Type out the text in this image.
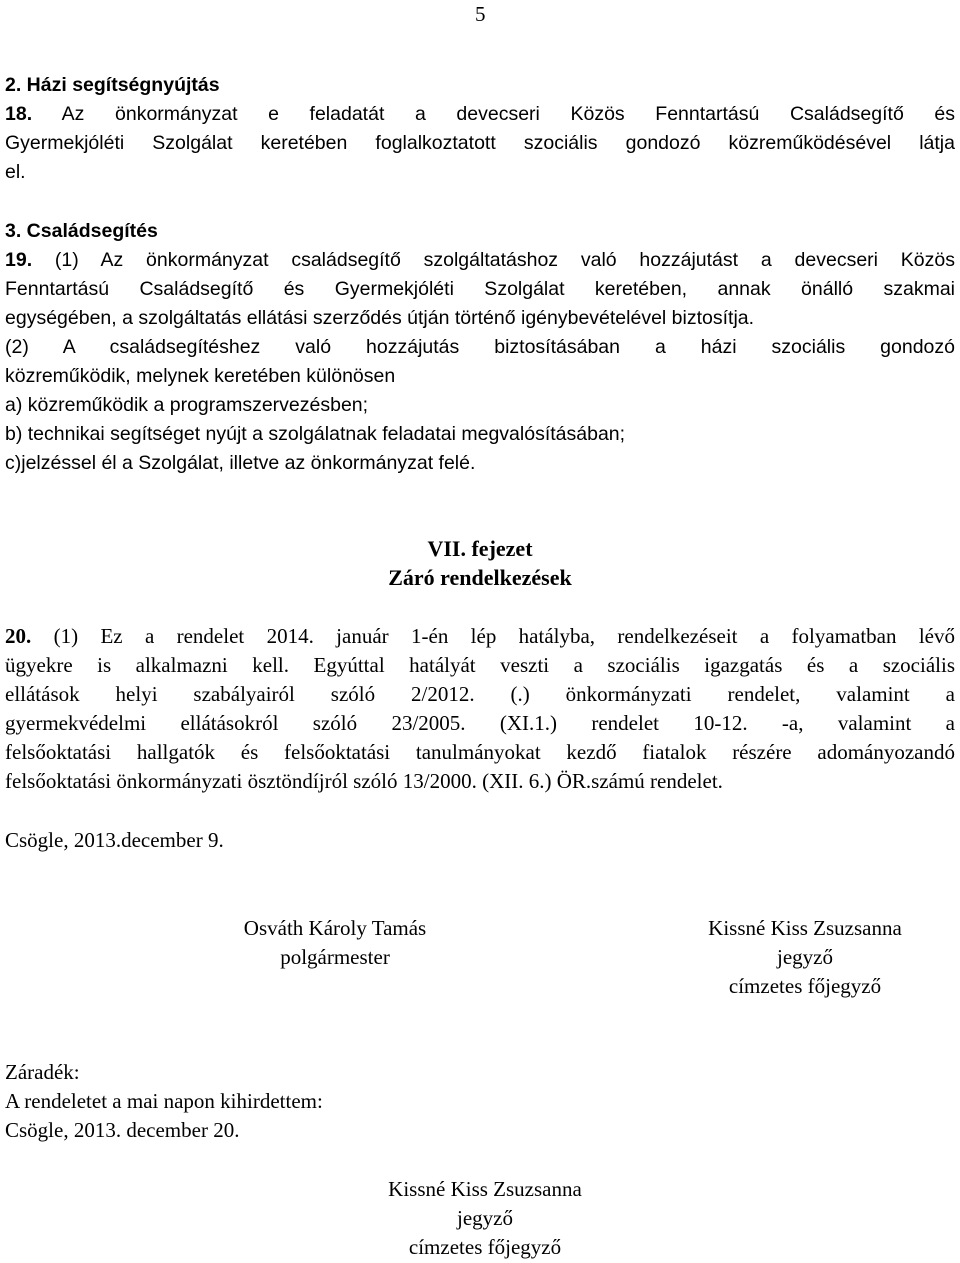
5
2. Házi segítségnyújtás
18. Az önkormányzat e feladatát a devecseri Közös Fenntartású Családsegítő és
Gyermekjóléti Szolgálat keretében foglalkoztatott szociális gondozó közreműködésével látja
el.
3. Családsegítés
19. (1) Az önkormányzat családsegítő szolgáltatáshoz való hozzájutást a devecseri Közös
Fenntartású Családsegítő és Gyermekjóléti Szolgálat keretében, annak önálló szakmai
egységében, a szolgáltatás ellátási szerződés útján történő igénybevételével biztosítja.
(2) A családsegítéshez való hozzájutás biztosításában a házi szociális gondozó
közreműködik, melynek keretében különösen
a) közreműködik a programszervezésben;
b) technikai segítséget nyújt a szolgálatnak feladatai megvalósításában;
c)jelzéssel él a Szolgálat, illetve az önkormányzat felé.
VII. fejezet
Záró rendelkezések
20. (1) Ez a rendelet 2014. január 1-én lép hatályba, rendelkezéseit a folyamatban lévő
ügyekre is alkalmazni kell. Egyúttal hatályát veszti a szociális igazgatás és a szociális
ellátások helyi szabályairól szóló 2/2012. (.) önkormányzati rendelet, valamint a
gyermekvédelmi ellátásokról szóló 23/2005. (XI.1.) rendelet 10-12. -a, valamint a
felsőoktatási hallgatók és felsőoktatási tanulmányokat kezdő fiatalok részére adományozandó
felsőoktatási önkormányzati ösztöndíjról szóló 13/2000. (XII. 6.) ÖR.számú rendelet.
Csögle, 2013.december 9.
Osváth Károly Tamás
polgármester
Kissné Kiss Zsuzsanna
jegyző
címzetes főjegyző
Záradék:
A rendeletet a mai napon kihirdettem:
Csögle, 2013. december 20.
Kissné Kiss Zsuzsanna
jegyző
címzetes főjegyző
